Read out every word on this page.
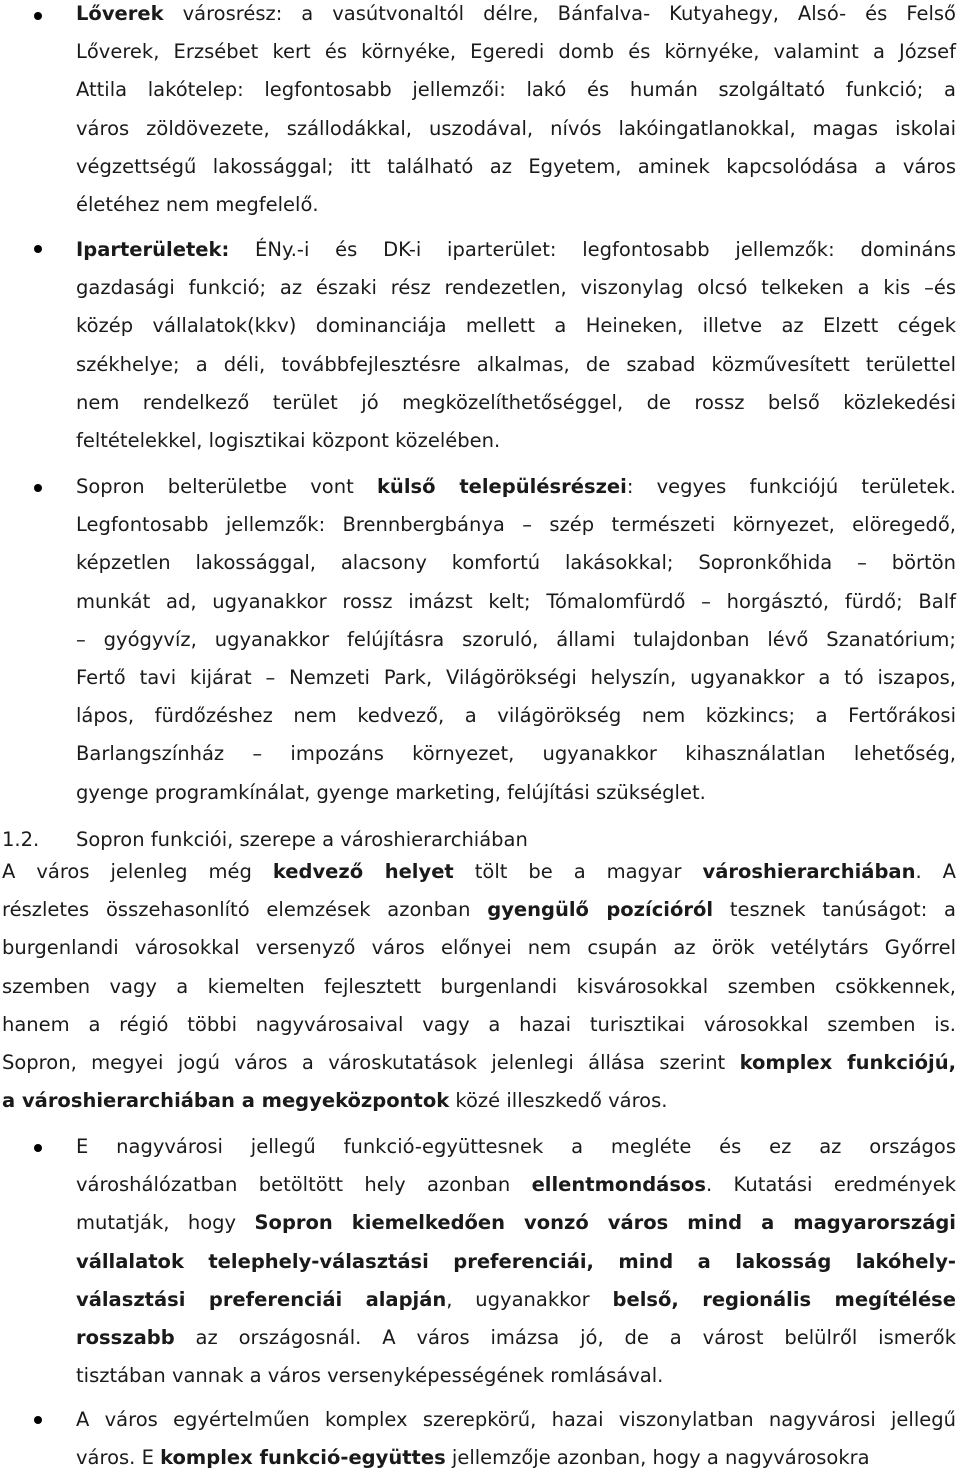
Lőverek városrész: a vasútvonaltól délre, Bánfalva- Kutyahegy, Alsó- és Felső
Lőverek, Erzsébet kert és környéke, Egeredi domb és környéke, valamint a József
Attila lakótelep: legfontosabb jellemzői: lakó és humán szolgáltató funkció; a
város zöldövezete, szállodákkal, uszodával, nívós lakóingatlanokkal, magas iskolai
végzettségű lakossággal; itt található az Egyetem, aminek kapcsolódása a város
életéhez nem megfelelő.
Iparterületek: ÉNy.-i és DK-i iparterület: legfontosabb jellemzők: domináns
gazdasági funkció; az északi rész rendezetlen, viszonylag olcsó telkeken a kis –és
közép vállalatok(kkv) dominanciája mellett a Heineken, illetve az Elzett cégek
székhelye; a déli, továbbfejlesztésre alkalmas, de szabad közművesített területtel
nem rendelkező terület jó megközelíthetőséggel, de rossz belső közlekedési
feltételekkel, logisztikai központ közelében.
Sopron belterületbe vont külső településrészei: vegyes funkciójú területek.
Legfontosabb jellemzők: Brennbergbánya – szép természeti környezet, elöregedő,
képzetlen lakossággal, alacsony komfortú lakásokkal; Sopronkőhida – börtön
munkát ad, ugyanakkor rossz imázst kelt; Tómalomfürdő – horgásztó, fürdő; Balf
– gyógyvíz, ugyanakkor felújításra szoruló, állami tulajdonban lévő Szanatórium;
Fertő tavi kijárat – Nemzeti Park, Világörökségi helyszín, ugyanakkor a tó iszapos,
lápos, fürdőzéshez nem kedvező, a világörökség nem közkincs; a Fertőrákosi
Barlangszínház – impozáns környezet, ugyanakkor kihasználatlan lehetőség,
gyenge programkínálat, gyenge marketing, felújítási szükséglet.
1.2. Sopron funkciói, szerepe a városhierarchiában
A város jelenleg még kedvező helyet tölt be a magyar városhierarchiában. A
részletes összehasonlító elemzések azonban gyengülő pozícióról tesznek tanúságot: a
burgenlandi városokkal versenyző város előnyei nem csupán az örök vetélytárs Győrrel
szemben vagy a kiemelten fejlesztett burgenlandi kisvárosokkal szemben csökkennek,
hanem a régió többi nagyvárosaival vagy a hazai turisztikai városokkal szemben is.
Sopron, megyei jogú város a városkutatások jelenlegi állása szerint komplex funkciójú,
a városhierarchiában a megyeközpontok közé illeszkedő város.
E nagyvárosi jellegű funkció-együttesnek a megléte és ez az országos
városhálózatban betöltött hely azonban ellentmondásos. Kutatási eredmények
mutatják, hogy Sopron kiemelkedően vonzó város mind a magyarországi
vállalatok telephely-választási preferenciái, mind a lakosság lakóhely-
választási preferenciái alapján, ugyanakkor belső, regionális megítélése
rosszabb az országosnál. A város imázsa jó, de a várost belülről ismerők
tisztában vannak a város versenyképességének romlásával.
A város egyértelműen komplex szerepkörű, hazai viszonylatban nagyvárosi jellegű
város. E komplex funkció-együttes jellemzője azonban, hogy a nagyvárosokra
